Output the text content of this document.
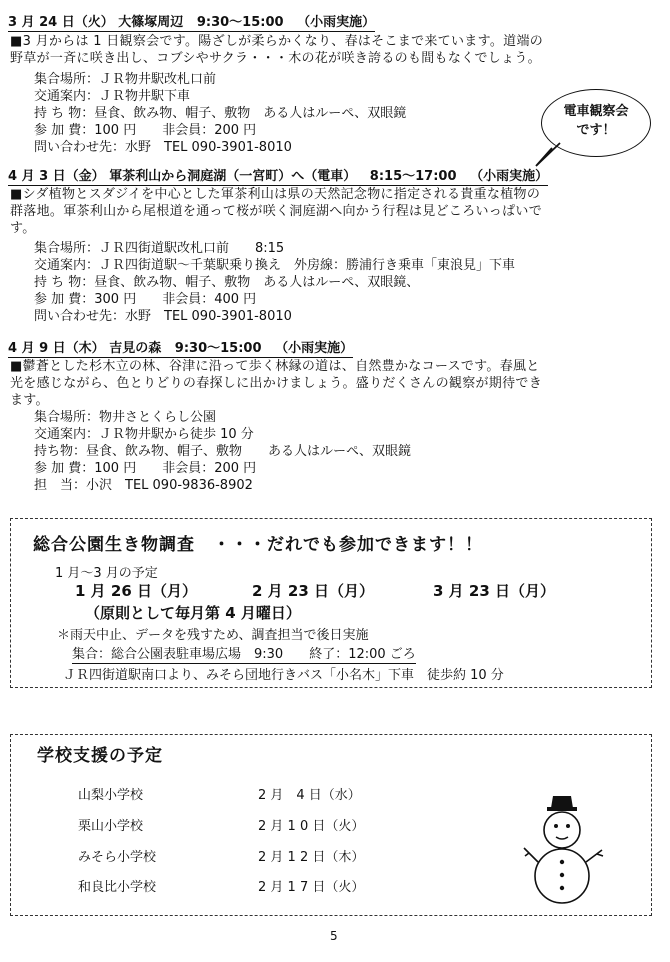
3 月 24 日（火） 大篠塚周辺 9:30～15:00 （小雨実施）
■3 月からは 1 日観察会です。陽ざしが柔らかくなり、春はそこまで来ています。道端の
野草が一斉に咲き出し、コブシやサクラ・・・木の花が咲き誇るのも間もなくでしょう。
集合場所：ＪＲ物井駅改札口前
交通案内：ＪＲ物井駅下車
持 ち 物：昼食、飲み物、帽子、敷物　ある人はルーペ、双眼鏡
参 加 費：100 円　　非会員：200 円
問い合わせ先：水野　TEL 090-3901-8010
電車観察会
です！
4 月 3 日（金） 軍茶利山から洞庭湖（一宮町）へ（電車） 8:15～17:00 （小雨実施）
■シダ植物とスダジイを中心とした軍茶利山は県の天然記念物に指定される貴重な植物の
群落地。軍茶利山から尾根道を通って桜が咲く洞庭湖へ向かう行程は見どころいっぱいで
す。
集合場所：ＪＲ四街道駅改札口前　　8:15
交通案内：ＪＲ四街道駅～千葉駅乗り換え　外房線：勝浦行き乗車「東浪見」下車
持 ち 物：昼食、飲み物、帽子、敷物　ある人はルーペ、双眼鏡、
参 加 費：300 円　　非会員：400 円
問い合わせ先：水野　TEL 090-3901-8010
4 月 9 日（木） 吉見の森 9:30～15:00 （小雨実施）
■鬱蒼とした杉木立の林、谷津に沿って歩く林縁の道は、自然豊かなコースです。春風と
光を感じながら、色とりどりの春探しに出かけましょう。盛りだくさんの観察が期待でき
ます。
集合場所：物井さとくらし公園
交通案内：ＪＲ物井駅から徒歩 10 分
持ち物：昼食、飲み物、帽子、敷物　　ある人はルーペ、双眼鏡
参 加 費：100 円　　非会員：200 円
担　当：小沢　TEL 090-9836-8902
総合公園生き物調査　・・・だれでも参加できます！！
1 月～3 月の予定
1 月 26 日（月）	2 月 23 日（月）	3 月 23 日（月）
（原則として毎月第 4 月曜日）
＊雨天中止、データを残すため、調査担当で後日実施
集合：総合公園表駐車場広場　9:30　　終了：12:00 ごろ
ＪＲ四街道駅南口より、みそら団地行きバス「小名木」下車　徒歩約 10 分
学校支援の予定
山梨小学校	2 月　4 日（水）
栗山小学校	2 月 1 0 日（火）
みそら小学校	2 月 1 2 日（木）
和良比小学校	2 月 1 7 日（火）
5
